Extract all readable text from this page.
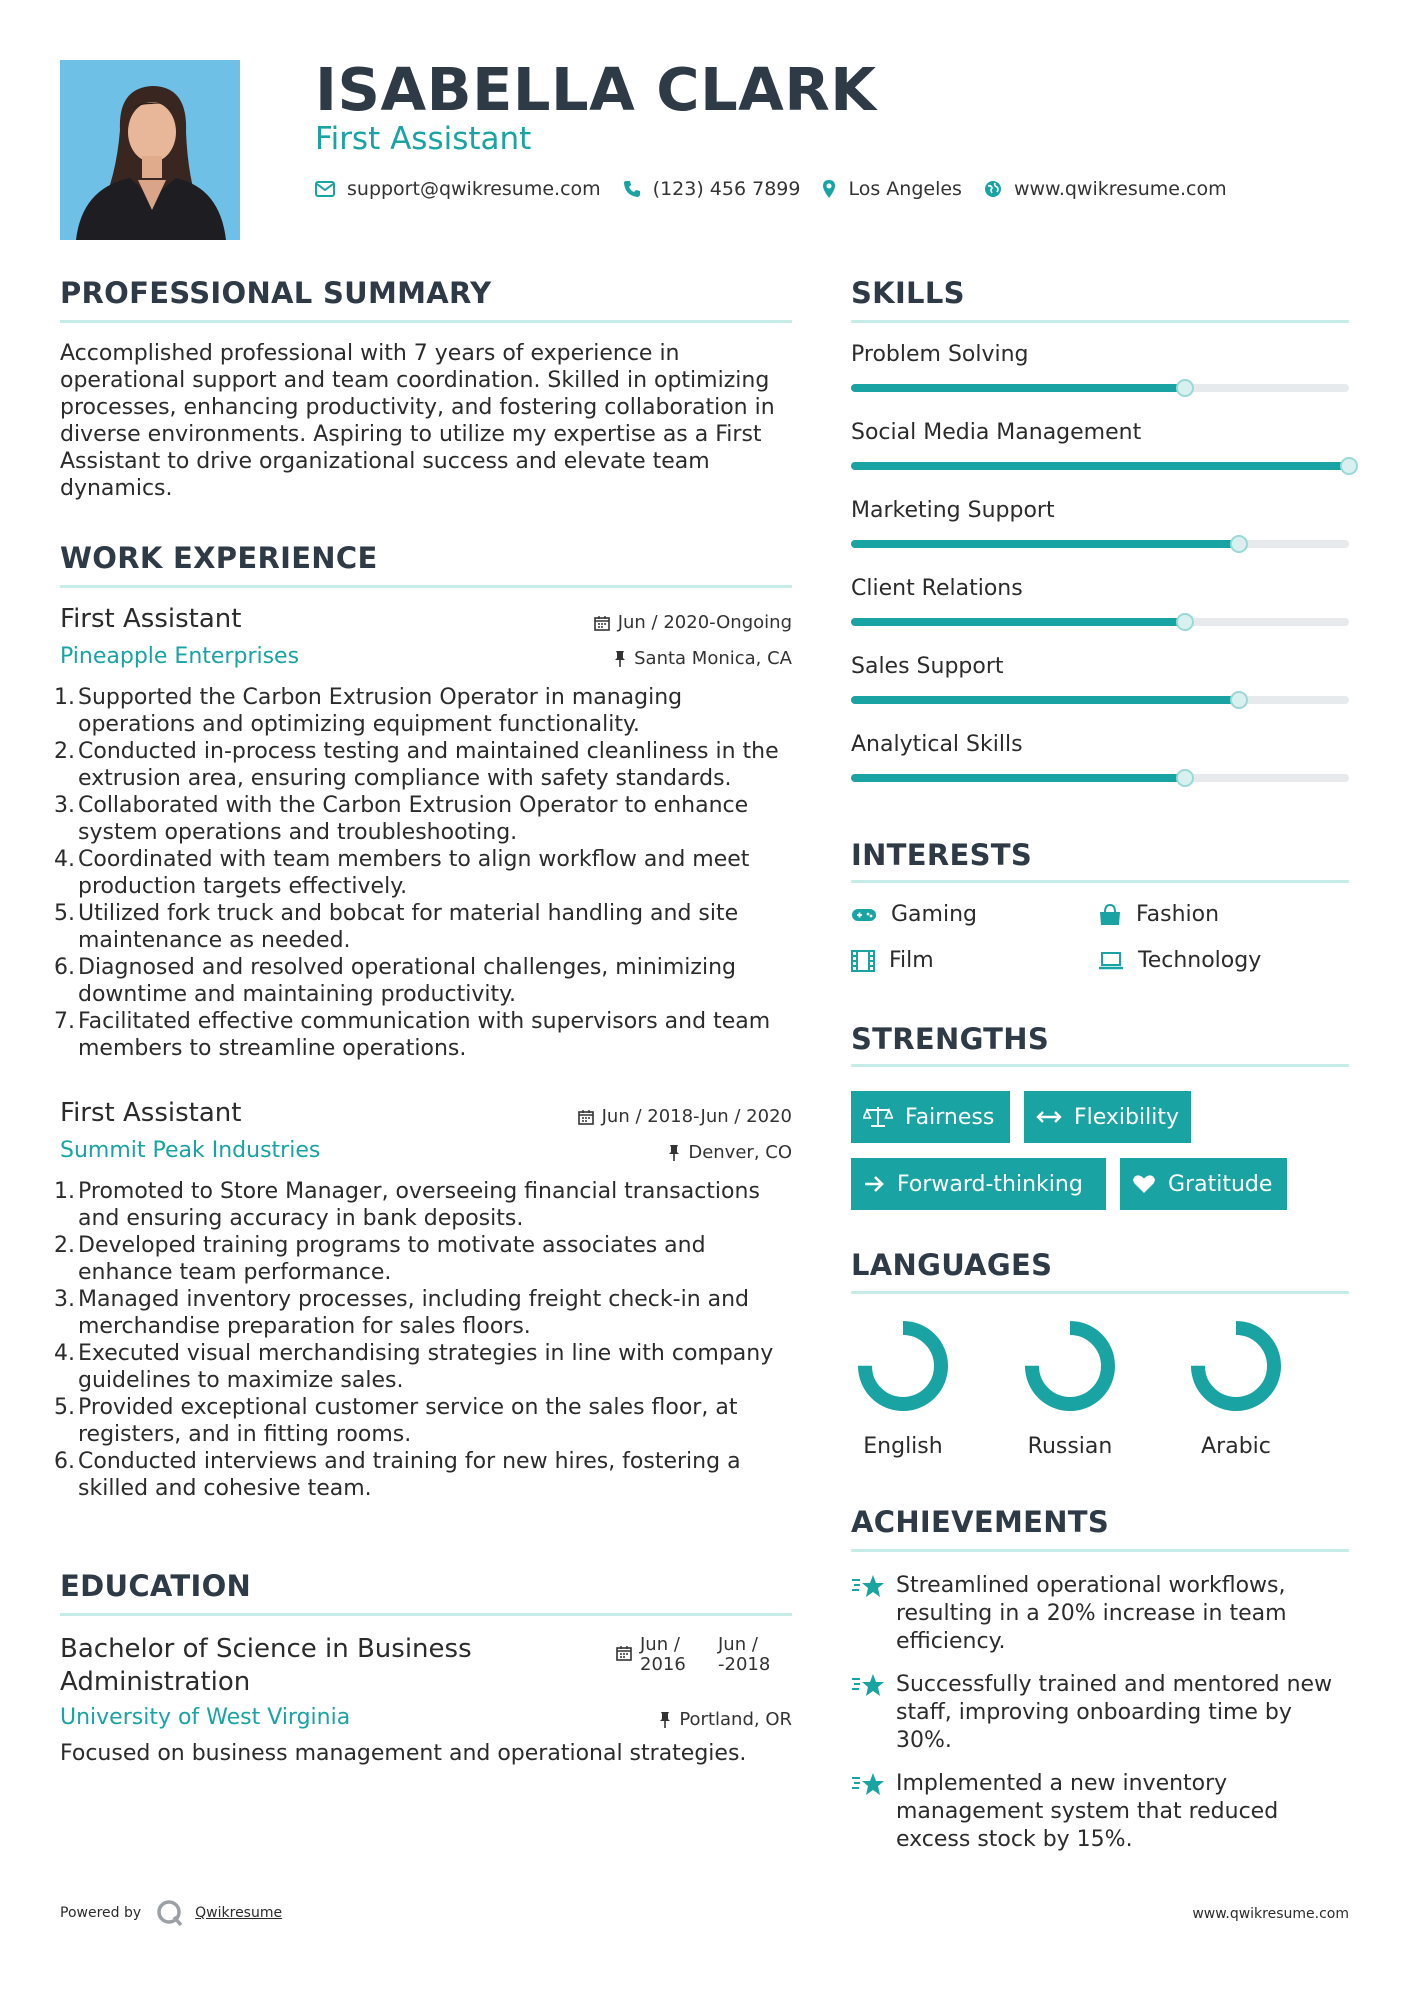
ISABELLA CLARK
First Assistant
support@qwikresume.com	(123) 456 7899	Los Angeles	www.qwikresume.com
PROFESSIONAL SUMMARY
Accomplished professional with 7 years of experience in operational support and team coordination. Skilled in optimizing processes, enhancing productivity, and fostering collaboration in diverse environments. Aspiring to utilize my expertise as a First Assistant to drive organizational success and elevate team dynamics.
WORK EXPERIENCE
First Assistant	Jun / 2020-Ongoing
Pineapple Enterprises	Santa Monica, CA
1. Supported the Carbon Extrusion Operator in managing operations and optimizing equipment functionality.
2. Conducted in-process testing and maintained cleanliness in the extrusion area, ensuring compliance with safety standards.
3. Collaborated with the Carbon Extrusion Operator to enhance system operations and troubleshooting.
4. Coordinated with team members to align workflow and meet production targets effectively.
5. Utilized fork truck and bobcat for material handling and site maintenance as needed.
6. Diagnosed and resolved operational challenges, minimizing downtime and maintaining productivity.
7. Facilitated effective communication with supervisors and team members to streamline operations.
First Assistant	Jun / 2018-Jun / 2020
Summit Peak Industries	Denver, CO
1. Promoted to Store Manager, overseeing financial transactions and ensuring accuracy in bank deposits.
2. Developed training programs to motivate associates and enhance team performance.
3. Managed inventory processes, including freight check-in and merchandise preparation for sales floors.
4. Executed visual merchandising strategies in line with company guidelines to maximize sales.
5. Provided exceptional customer service on the sales floor, at registers, and in fitting rooms.
6. Conducted interviews and training for new hires, fostering a skilled and cohesive team.
EDUCATION
Bachelor of Science in Business Administration
Jun /
2016
Jun /
-2018
University of West Virginia	Portland, OR
Focused on business management and operational strategies.
SKILLS
Problem Solving
Social Media Management
Marketing Support
Client Relations
Sales Support
Analytical Skills
INTERESTS
Gaming	Fashion
Film	Technology
STRENGTHS
Fairness	Flexibility
Forward-thinking	Gratitude
LANGUAGES
English	Russian	Arabic
ACHIEVEMENTS
Streamlined operational workflows, resulting in a 20% increase in team efficiency.
Successfully trained and mentored new staff, improving onboarding time by 30%.
Implemented a new inventory management system that reduced excess stock by 15%.
Powered by	Qwikresume	www.qwikresume.com
